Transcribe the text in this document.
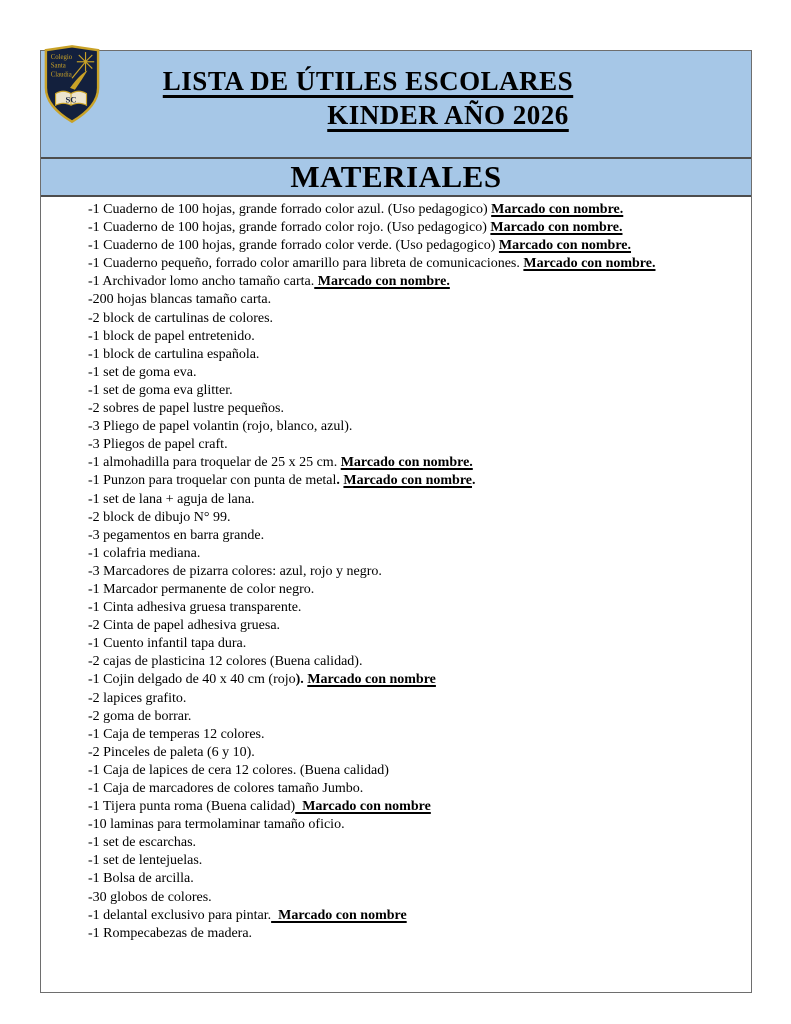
SC
Colegio
Santa
Claudia	LISTA DE ÚTILES ESCOLARES
KINDER AÑO 2026
MATERIALES
-1 Cuaderno de 100 hojas, grande forrado color azul. (Uso pedagogico) Marcado con nombre.
-1 Cuaderno de 100 hojas, grande forrado color rojo. (Uso pedagogico) Marcado con nombre.
-1 Cuaderno de 100 hojas, grande forrado color verde. (Uso pedagogico) Marcado con nombre.
-1 Cuaderno pequeño, forrado color amarillo para libreta de comunicaciones. Marcado con nombre.
-1 Archivador lomo ancho tamaño carta. Marcado con nombre.
-200 hojas blancas tamaño carta.
-2 block de cartulinas de colores.
-1 block de papel entretenido.
-1 block de cartulina española.
-1 set de goma eva.
-1 set de goma eva glitter.
-2 sobres de papel lustre pequeños.
-3 Pliego de papel volantin (rojo, blanco, azul).
-3 Pliegos de papel craft.
-1 almohadilla para troquelar de 25 x 25 cm. Marcado con nombre.
-1 Punzon para troquelar con punta de metal. Marcado con nombre.
-1 set de lana + aguja de lana.
-2 block de dibujo N° 99.
-3 pegamentos en barra grande.
-1 colafria mediana.
-3 Marcadores de pizarra colores: azul, rojo y negro.
-1 Marcador permanente de color negro.
-1 Cinta adhesiva gruesa transparente.
-2 Cinta de papel adhesiva gruesa.
-1 Cuento infantil tapa dura.
-2 cajas de plasticina 12 colores (Buena calidad).
-1 Cojin delgado de 40 x 40 cm (rojo). Marcado con nombre
-2 lapices grafito.
-2 goma de borrar.
-1 Caja de temperas 12 colores.
-2 Pinceles de paleta (6 y 10).
-1 Caja de lapices de cera 12 colores. (Buena calidad)
-1 Caja de marcadores de colores tamaño Jumbo.
-1 Tijera punta roma (Buena calidad)  Marcado con nombre
-10 laminas para termolaminar tamaño oficio.
-1 set de escarchas.
-1 set de lentejuelas.
-1 Bolsa de arcilla.
-30 globos de colores.
-1 delantal exclusivo para pintar.  Marcado con nombre
-1 Rompecabezas de madera.
